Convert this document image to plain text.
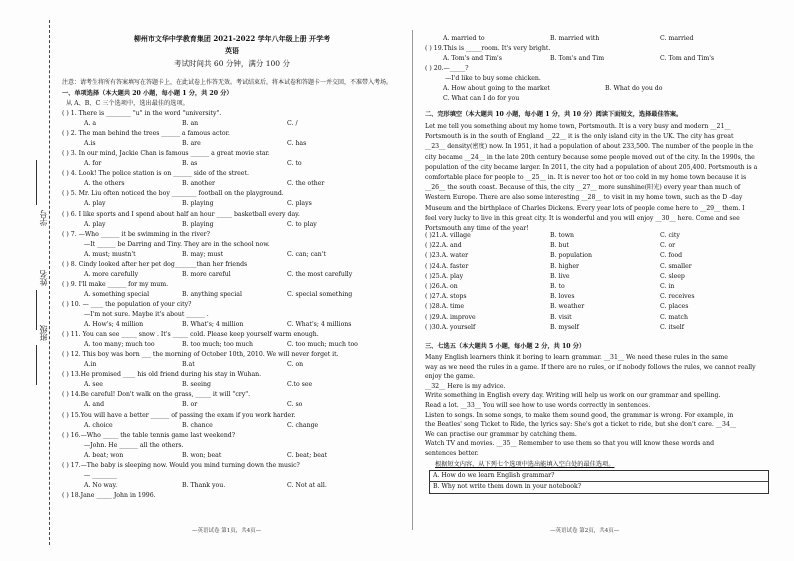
学号
姓名
班级
柳州市文华中学教育集团 2021-2022 学年八年级上册 开学考
英语
考试时间共 60 分钟，满分 100 分
注意：请考生将所有答案填写在答题卡上，在此试卷上作答无效。考试结束后，将本试卷和答题卡一并交回，不准带入考场。
一、单项选择（本大题共 20 小题，每小题 1 分，共 20 分）
从 A、B、C 三个选项中，选出最佳的选项。
( ) 1. There is ________ "u" in the word "university".
A. a	B. an	C. /
( ) 2. The man behind the trees ______ a famous actor.
A.is	B. are	C. has
( ) 3. In our mind, Jackie Chan is famous ______ a great movie star.
A. for	B. as	C. to
( ) 4. Look! The police station is on ______ side of the street.
A. the others	B. another	C. the other
( ) 5. Mr. Liu often noticed the boy ________ football on the playground.
A. play	B. playing	C. plays
( ) 6. I like sports and I spend about half an hour _____ basketball every day.
A. play	B. playing	C. to play
( ) 7. —Who ______ it be swimming in the river?
—It ______ be Darring and Tiny. They are in the school now.
A. must; mustn't	B. may; must	C. can; can't
( ) 8. Cindy looked after her pet dog_______than her friends
A. more carefully	B. more careful	C. the most carefully
( ) 9. I'll make ______ for my mum.
A. something special	B. anything special	C. special something
( ) 10. — ____ the population of your city?
—I'm not sure. Maybe it's about ______ .
A. How's; 4 million	B. What's; 4 million	C. What's; 4 millions
( ) 11. You can see _____ snow . It's _____ cold. Please keep yourself warm enough.
A. too many; much too	B. too much; too much	C. too much; much too
( ) 12. This boy was born ___ the morning of October 10th, 2010. We will never forget it.
A.in	B.at	C. on
( ) 13.He promised ____ his old friend during his stay in Wuhan.
A. see	B. seeing	C.to see
( ) 14.Be careful! Don't walk on the grass, _____ it will "cry".
A. and	B. or	C. so
( ) 15.You will have a better ______ of passing the exam if you work harder.
A. choice	B. chance	C. change
( ) 16.—Who _____ the table tennis game last weekend?
—John. He ______ all the others.
A. beat; won	B. won; beat	C. beat; beat
( ) 17.—The baby is sleeping now. Would you mind turning down the music?
— ________
A. No way.	B. Thank you.	C. Not at all.
( ) 18.Jane _____ John in 1996.
—英语试卷 第1页，共4页—
A. married to	B. married with	C. married
( ) 19.This is _____room. It's very bright.
A. Tom's and Tim's	B. Tom's and Tim	C. Tom and Tim's
( ) 20.—_____?
—I'd like to buy some chicken.
A. How about going to the market	B. What do you do
C. What can I do for you
二、完形填空（本大题共 10 小题，每小题 1 分，共 10 分）阅读下面短文，选择最佳答案。
Let me tell you something about my home town, Portsmouth. It is a very busy and modern __21__
Portsmouth is in the south of England __22__ it is the only island city in the UK. The city has great
__23__ density(密度) now. In 1951, it had a population of about 233,500. The number of the people in the
city became __24__ in the late 20th century because some people moved out of the city. In the 1990s, the
population of the city became larger. In 2011, the city had a population of about 205,400. Portsmouth is a
comfortable place for people to __25__ in. It is never too hot or too cold in my home town because it is
__26__ the south coast. Because of this, the city __27__ more sunshine(阳光) every year than much of
Western Europe. There are also some interesting __28__ to visit in my home town, such as the D -day
Museum and the birthplace of Charles Dickens. Every year lots of people come here to __29__ them. I
feel very lucky to live in this great city. It is wonderful and you will enjoy __30__ here. Come and see
Portsmouth any time of the year!
( )21.A. village	B. town	C. city
( )22.A. and	B. but	C. or
( )23.A. water	B. population	C. food
( )24.A. faster	B. higher	C. smaller
( )25.A. play	B. live	C. sleep
( )26.A. on	B. to	C. in
( )27.A. stops	B. loves	C. receives
( )28.A. time	B. weather	C. places
( )29.A. improve	B. visit	C. match
( )30.A. yourself	B. myself	C. itself
三、七选五（本大题共 5 小题，每小题 2 分，共 10 分）
Many English learners think it boring to learn grammar. __31__ We need these rules in the same
way as we need the rules in a game. If there are no rules, or if nobody follows the rules, we cannot really
enjoy the game.
__32__ Here is my advice.
Write something in English every day. Writing will help us work on our grammar and spelling.
Read a lot. __33__ You will see how to use words correctly in sentences.
Listen to songs. In some songs, to make them sound good, the grammar is wrong. For example, in
the Beatles' song Ticket to Ride, the lyrics say: She's got a ticket to ride, but she don't care. __34__
We can practise our grammar by catching them.
Watch TV and movies. __35__ Remember to use them so that you will know these words and
sentences better.
根据短文内容，从下列七个选项中选出能填入空白处的最佳选项。
A. How do we learn English grammar?
B. Why not write them down in your notebook?
—英语试卷 第2页，共4页—
